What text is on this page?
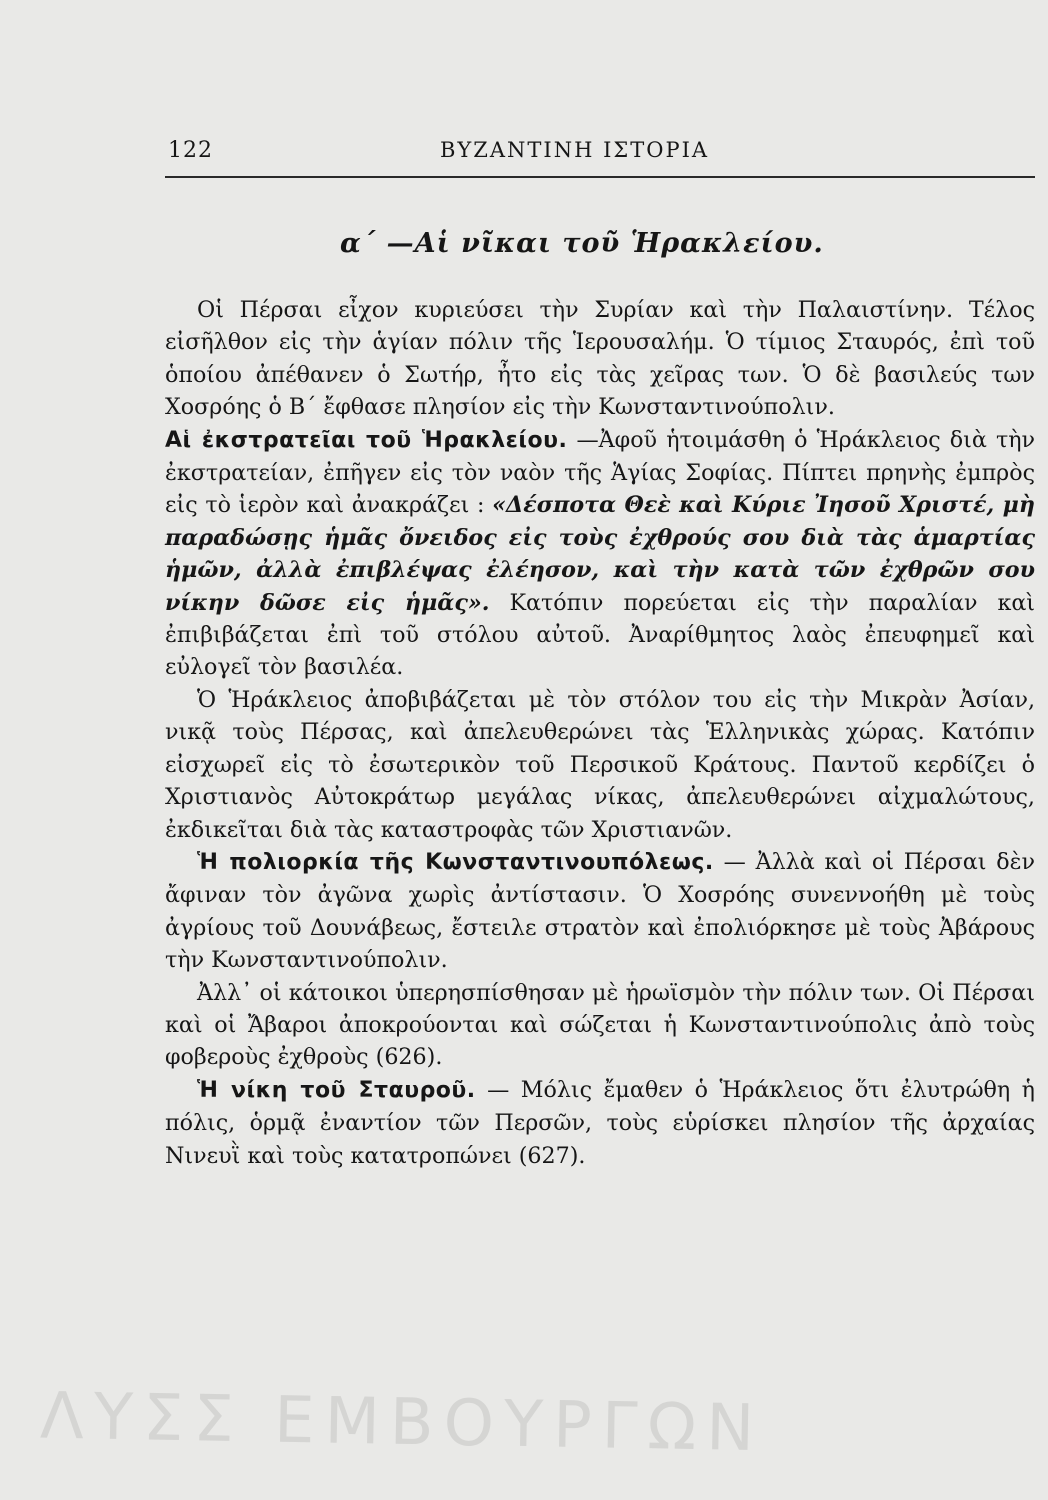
122	ΒΥΖΑΝΤΙΝΗ ΙΣΤΟΡΙΑ
α΄ —Αἱ νῖκαι τοῦ Ἡρακλείου.

Οἱ Πέρσαι εἶχον κυριεύσει τὴν Συρίαν καὶ τὴν Παλαιστίνην. Τέλος εἰσῆλθον εἰς τὴν ἁγίαν πόλιν τῆς Ἱερουσαλήμ. Ὁ τίμιος Σταυρός, ἐπὶ τοῦ ὁποίου ἀπέθανεν ὁ Σωτήρ, ἦτο εἰς τὰς χεῖρας των. Ὁ δὲ βασιλεύς των Χοσρόης ὁ Β΄ ἔφθασε πλησίον εἰς τὴν Κωνσταντινούπολιν.

Αἱ ἐκστρατεῖαι τοῦ Ἡρακλείου. —Ἀφοῦ ἡτοιμάσθη ὁ Ἡράκλειος διὰ τὴν ἐκστρατείαν, ἐπῆγεν εἰς τὸν ναὸν τῆς Ἁγίας Σοφίας. Πίπτει πρηνὴς ἐμπρὸς εἰς τὸ ἱερὸν καὶ ἀνακράζει : «Δέσποτα Θεὲ καὶ Κύριε Ἰησοῦ Χριστέ, μὴ παραδώσῃς ἡμᾶς ὄνειδος εἰς τοὺς ἐχθρούς σου διὰ τὰς ἁμαρτίας ἡμῶν, ἀλλὰ ἐπιβλέψας ἐλέησον, καὶ τὴν κατὰ τῶν ἐχθρῶν σου νίκην δῶσε εἰς ἡμᾶς». Κατόπιν πορεύεται εἰς τὴν παραλίαν καὶ ἐπιβιβάζεται ἐπὶ τοῦ στόλου αὐτοῦ. Ἀναρίθμητος λαὸς ἐπευφημεῖ καὶ εὐλογεῖ τὸν βασιλέα.

Ὁ Ἡράκλειος ἀποβιβάζεται μὲ τὸν στόλον του εἰς τὴν Μικρὰν Ἀσίαν, νικᾷ τοὺς Πέρσας, καὶ ἀπελευθερώνει τὰς Ἑλληνικὰς χώρας. Κατόπιν εἰσχωρεῖ εἰς τὸ ἐσωτερικὸν τοῦ Περσικοῦ Κράτους. Παντοῦ κερδίζει ὁ Χριστιανὸς Αὐτοκράτωρ μεγάλας νίκας, ἀπελευθερώνει αἰχμαλώτους, ἐκδικεῖται διὰ τὰς καταστροφὰς τῶν Χριστιανῶν.

Ἡ πολιορκία τῆς Κωνσταντινουπόλεως. — Ἀλλὰ καὶ οἱ Πέρσαι δὲν ἄφιναν τὸν ἀγῶνα χωρὶς ἀντίστασιν. Ὁ Χοσρόης συνεννοήθη μὲ τοὺς ἀγρίους τοῦ Δουνάβεως, ἔστειλε στρατὸν καὶ ἐπολιόρκησε μὲ τοὺς Ἀβάρους τὴν Κωνσταντινούπολιν.

Ἀλλ᾽ οἱ κάτοικοι ὑπερησπίσθησαν μὲ ἡρωϊσμὸν τὴν πόλιν των. Οἱ Πέρσαι καὶ οἱ Ἄβαροι ἀποκρούονται καὶ σώζεται ἡ Κωνσταντινούπολις ἀπὸ τοὺς φοβεροὺς ἐχθροὺς (626).

Ἡ νίκη τοῦ Σταυροῦ. — Μόλις ἔμαθεν ὁ Ἡράκλειος ὅτι ἐλυτρώθη ἡ πόλις, ὁρμᾷ ἐναντίον τῶν Περσῶν, τοὺς εὑρίσκει πλησίον τῆς ἀρχαίας Νινευῒ καὶ τοὺς κατατροπώνει (627).

ΛΥΣΣ ΕΜΒΟΥΡΓΩΝ
